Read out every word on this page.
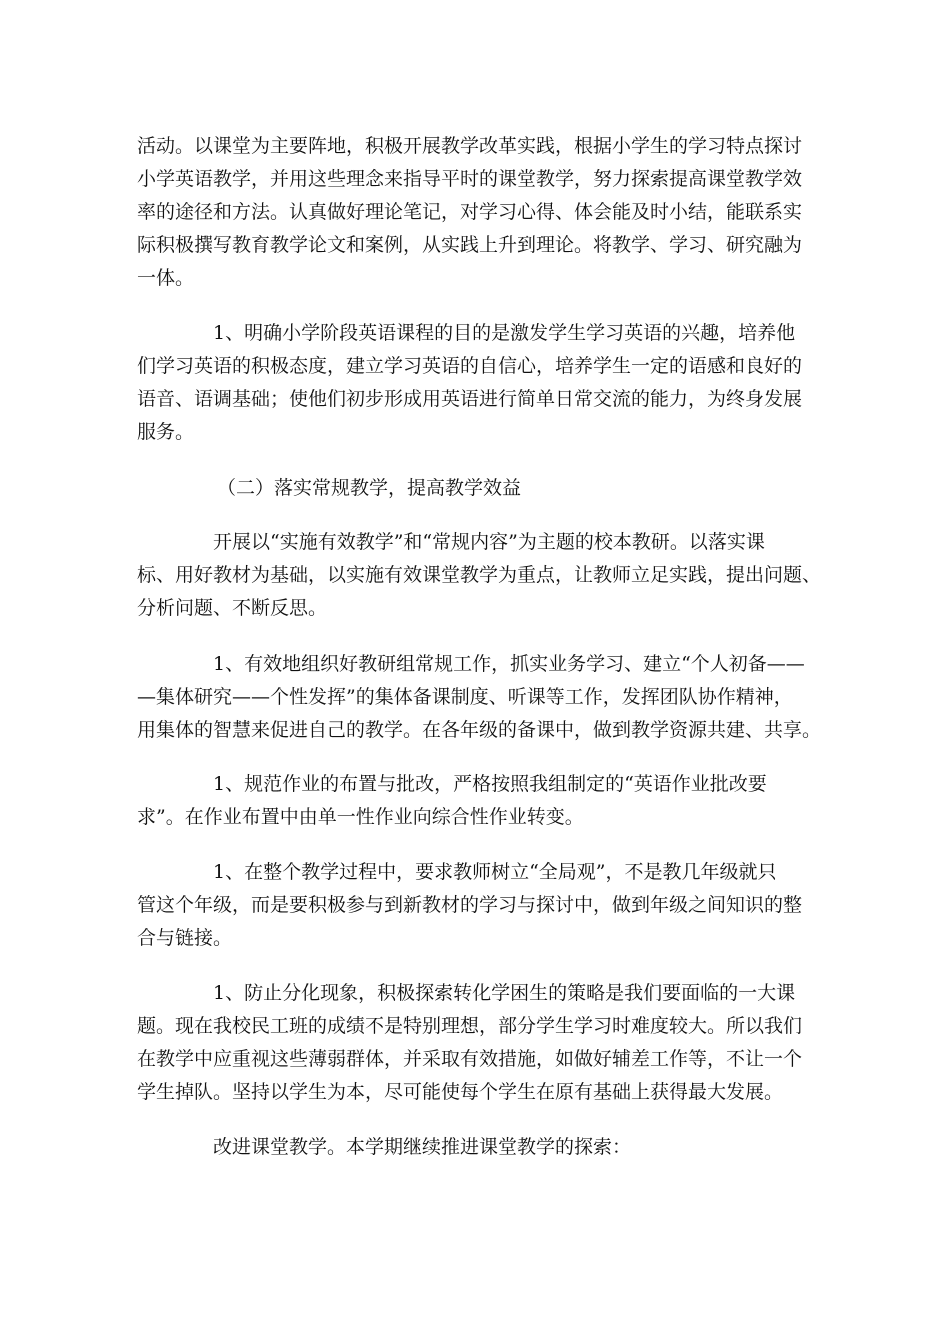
活动。以课堂为主要阵地，积极开展教学改革实践，根据小学生的学习特点探讨
小学英语教学，并用这些理念来指导平时的课堂教学，努力探索提高课堂教学效
率的途径和方法。认真做好理论笔记，对学习心得、体会能及时小结，能联系实
际积极撰写教育教学论文和案例，从实践上升到理论。将教学、学习、研究融为
一体。
1、明确小学阶段英语课程的目的是激发学生学习英语的兴趣，培养他
们学习英语的积极态度，建立学习英语的自信心，培养学生一定的语感和良好的
语音、语调基础；使他们初步形成用英语进行简单日常交流的能力，为终身发展
服务。
（二）落实常规教学，提高教学效益
开展以“实施有效教学”和“常规内容”为主题的校本教研。以落实课
标、用好教材为基础，以实施有效课堂教学为重点，让教师立足实践，提出问题、
分析问题、不断反思。
1、有效地组织好教研组常规工作，抓实业务学习、建立“个人初备——
—集体研究——个性发挥”的集体备课制度、听课等工作，发挥团队协作精神，
用集体的智慧来促进自己的教学。在各年级的备课中，做到教学资源共建、共享。
1、规范作业的布置与批改，严格按照我组制定的“英语作业批改要
求”。在作业布置中由单一性作业向综合性作业转变。
1、在整个教学过程中，要求教师树立“全局观”，不是教几年级就只
管这个年级，而是要积极参与到新教材的学习与探讨中，做到年级之间知识的整
合与链接。
1、防止分化现象，积极探索转化学困生的策略是我们要面临的一大课
题。现在我校民工班的成绩不是特别理想，部分学生学习时难度较大。所以我们
在教学中应重视这些薄弱群体，并采取有效措施，如做好辅差工作等，不让一个
学生掉队。坚持以学生为本，尽可能使每个学生在原有基础上获得最大发展。
改进课堂教学。本学期继续推进课堂教学的探索：
